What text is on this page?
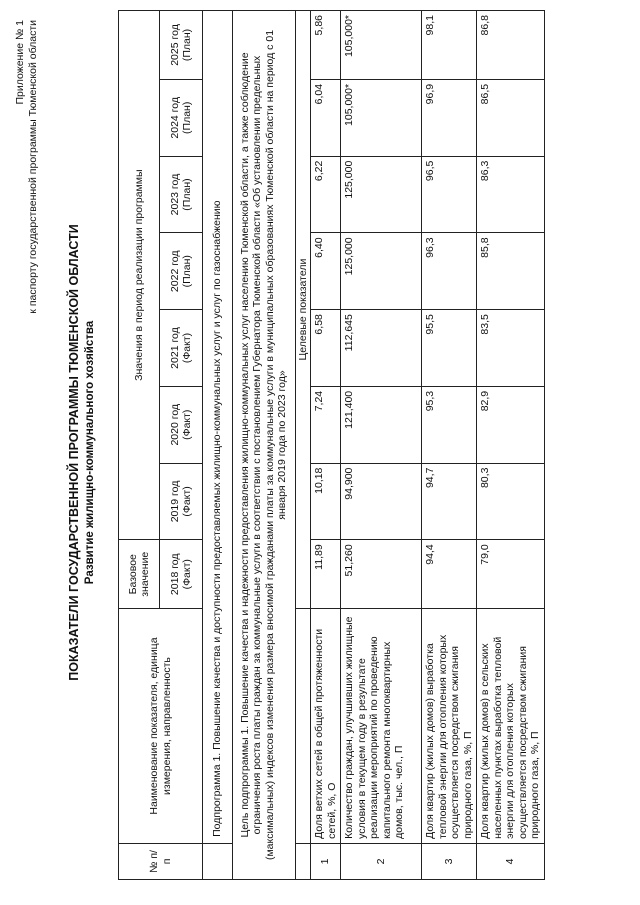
Приложение № 1 к паспорту государственной программы Тюменской области
ПОКАЗАТЕЛИ ГОСУДАРСТВЕННОЙ ПРОГРАММЫ ТЮМЕНСКОЙ ОБЛАСТИ Развитие жилищно-коммунального хозяйства
№ п/п	Наименование показателя, единица измерения, направленность	Базовое значение	Значения в период реализации программы						
		2018 год (Факт)	2019 год (Факт)	2020 год (Факт)	2021 год (Факт)	2022 год (План)	2023 год (План)	2024 год (План)	2025 год (План)
	Подпрограмма 1. Повышение качества и доступности предоставляемых жилищно-коммунальных услуг и услуг по газоснабжению								
Цель подпрограммы 1. Повышение качества и надежности предоставления жилищно-коммунальных услуг населению Тюменской области, а также соблюдение ограничения роста платы граждан за коммунальные услуги в соответствии с постановлением Губернатора Тюменской области «Об установлении предельных (максимальных) индексов изменения размера вносимой гражданами платы за коммунальные услуги в муниципальных образованиях Тюменской области на период с 01 января 2019 года по 2023 год»									
		Целевые показатели							
1	Доля ветхих сетей в общей протяженности сетей, %, О	11,89	10,18	7,24	6,58	6,40	6,22	6,04	5,86
2	Количество граждан, улучшивших жилищные условия в текущем году в результате реализации мероприятий по проведению капитального ремонта многоквартирных домов, тыс. чел., П	51,260	94,900	121,400	112,645	125,000	125,000	105,000*	105,000*
3	Доля квартир (жилых домов) выработка тепловой энергии для отопления которых осуществляется посредством сжигания природного газа, %, П	94,4	94,7	95,3	95,5	96,3	96,5	96,9	98,1
4	Доля квартир (жилых домов) в сельских населенных пунктах выработка тепловой энергии для отопления которых осуществляется посредством сжигания природного газа, %, П	79,0	80,3	82,9	83,5	85,8	86,3	86,5	86,8
